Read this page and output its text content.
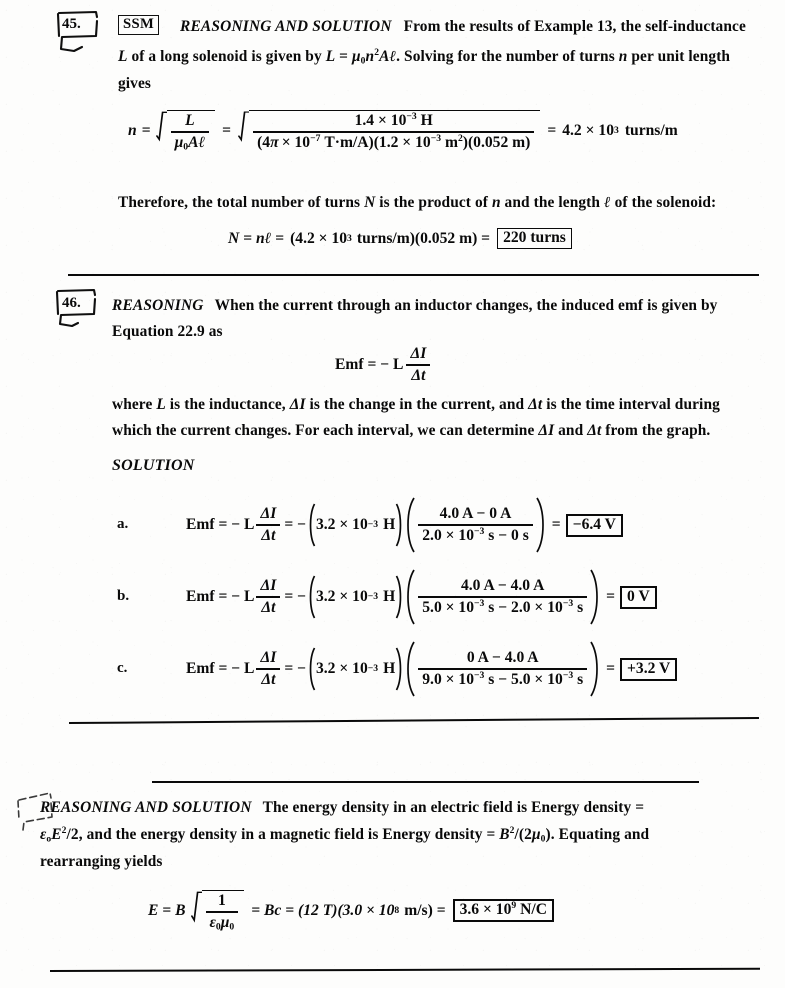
45.	SSM	REASONING AND SOLUTION From the results of Example 13, the self-inductance
L of a long solenoid is given by $L = \mu_0n^2A\ell$. Solving for the number of turns n per unit length
gives
$n = \frac{L}{\mu_0A\ell} = \frac{1.4 \times 10^{-3} H}{(4\pi \times 10^{-7} T\cdot m/A)(1.2 \times 10^{-3} m^2)(0.052 m)} = 4.2 \times 10$ 3 turns/m
Therefore, the total number of turns N is the product of n and the length ℓ of the solenoid:
N = nℓ = (4.2 × 10 3 turns/m)(0.052 m) = 220 turns
46. REASONING When the current through an inductor changes, the induced emf is given by
Equation 22.9 as
Emf = − L $\frac{\Delta I}{\Delta t}$
where L is the inductance, ΔI is the change in the current, and Δt is the time interval during
which the current changes. For each interval, we can determine ΔI and Δt from the graph.
SOLUTION
a.	Emf = − L $\frac{\Delta I}{\Delta t}$ = − 3.2 × 10 −3 H $\frac{4.0 A - 0 A}{2.0 \times 10^{-3} s - 0 s} = -6.4$ V
b.	Emf = − L $\frac{\Delta I}{\Delta t}$ = − 3.2 × 10 −3 H $\frac{4.0 A - 4.0 A}{5.0 \times 10^{-3} s - 2.0 \times 10^{-3} s} = 0$ V
c.	Emf = − L $\frac{\Delta I}{\Delta t}$ = − 3.2 × 10 −3 H $\frac{0 A - 4.0 A}{9.0 \times 10^{-3} s - 5.0 \times 10^{-3} s} = +3.2$ V
REASONING AND SOLUTION The energy density in an electric field is Energy density =
$\varepsilon_oE^2/2$, and the energy density in a magnetic field is Energy density = $B^2/(2\mu_0)$. Equating and
rearranging yields
E = B $\frac{1}{\varepsilon_0\mu_0} = Bc = (12$ T)(3.0 × 10 8 $m/s) = 3.6 \times 10^9$ N/C
